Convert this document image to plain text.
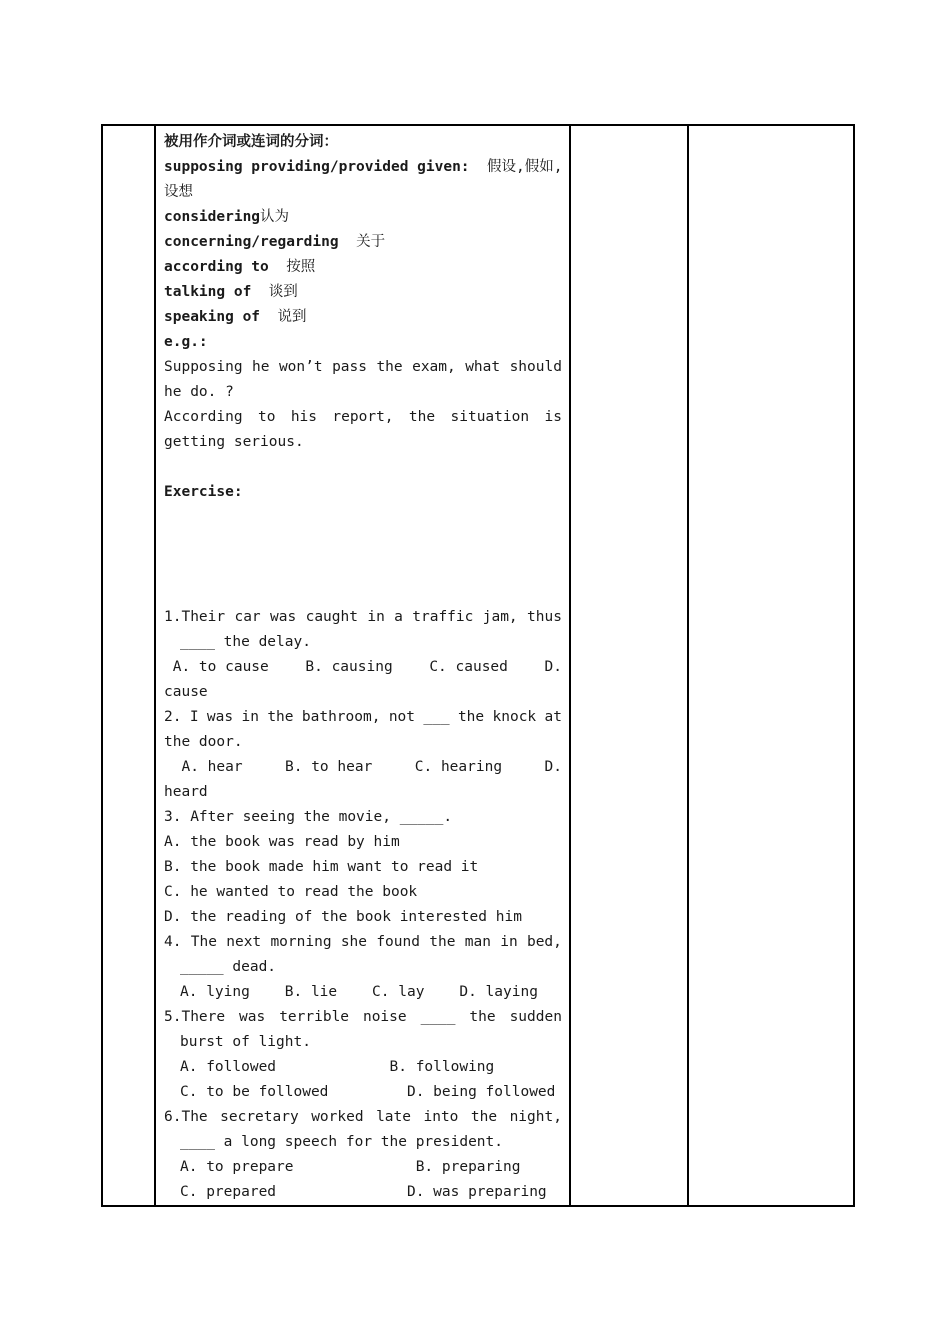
被用作介词或连词的分词：
supposing providing/provided given:  假设,假如,
设想
considering认为
concerning/regarding  关于
according to  按照
talking of  谈到
speaking of  说到
e.g.:
Supposing he won’t pass the exam, what should
he do. ?
According to his report, the situation is
getting serious.
Exercise:
1.Their car was caught in a traffic jam, thus
____ the delay.
A. to cause	B. causing	C. caused	D.
cause
2. I was in the bathroom, not ___ the knock at
the door.
A. hear	B. to hear	C. hearing	D.
heard
3. After seeing the movie, _____.
A. the book was read by him
B. the book made him want to read it
C. he wanted to read the book
D. the reading of the book interested him
4. The next morning she found the man in bed,
_____ dead.
A. lying    B. lie    C. lay    D. laying
5.There was terrible noise ____ the sudden
burst of light.
A. followed             B. following
C. to be followed         D. being followed
6.The secretary worked late into the night,
____ a long speech for the president.
A. to prepare              B. preparing
C. prepared               D. was preparing
